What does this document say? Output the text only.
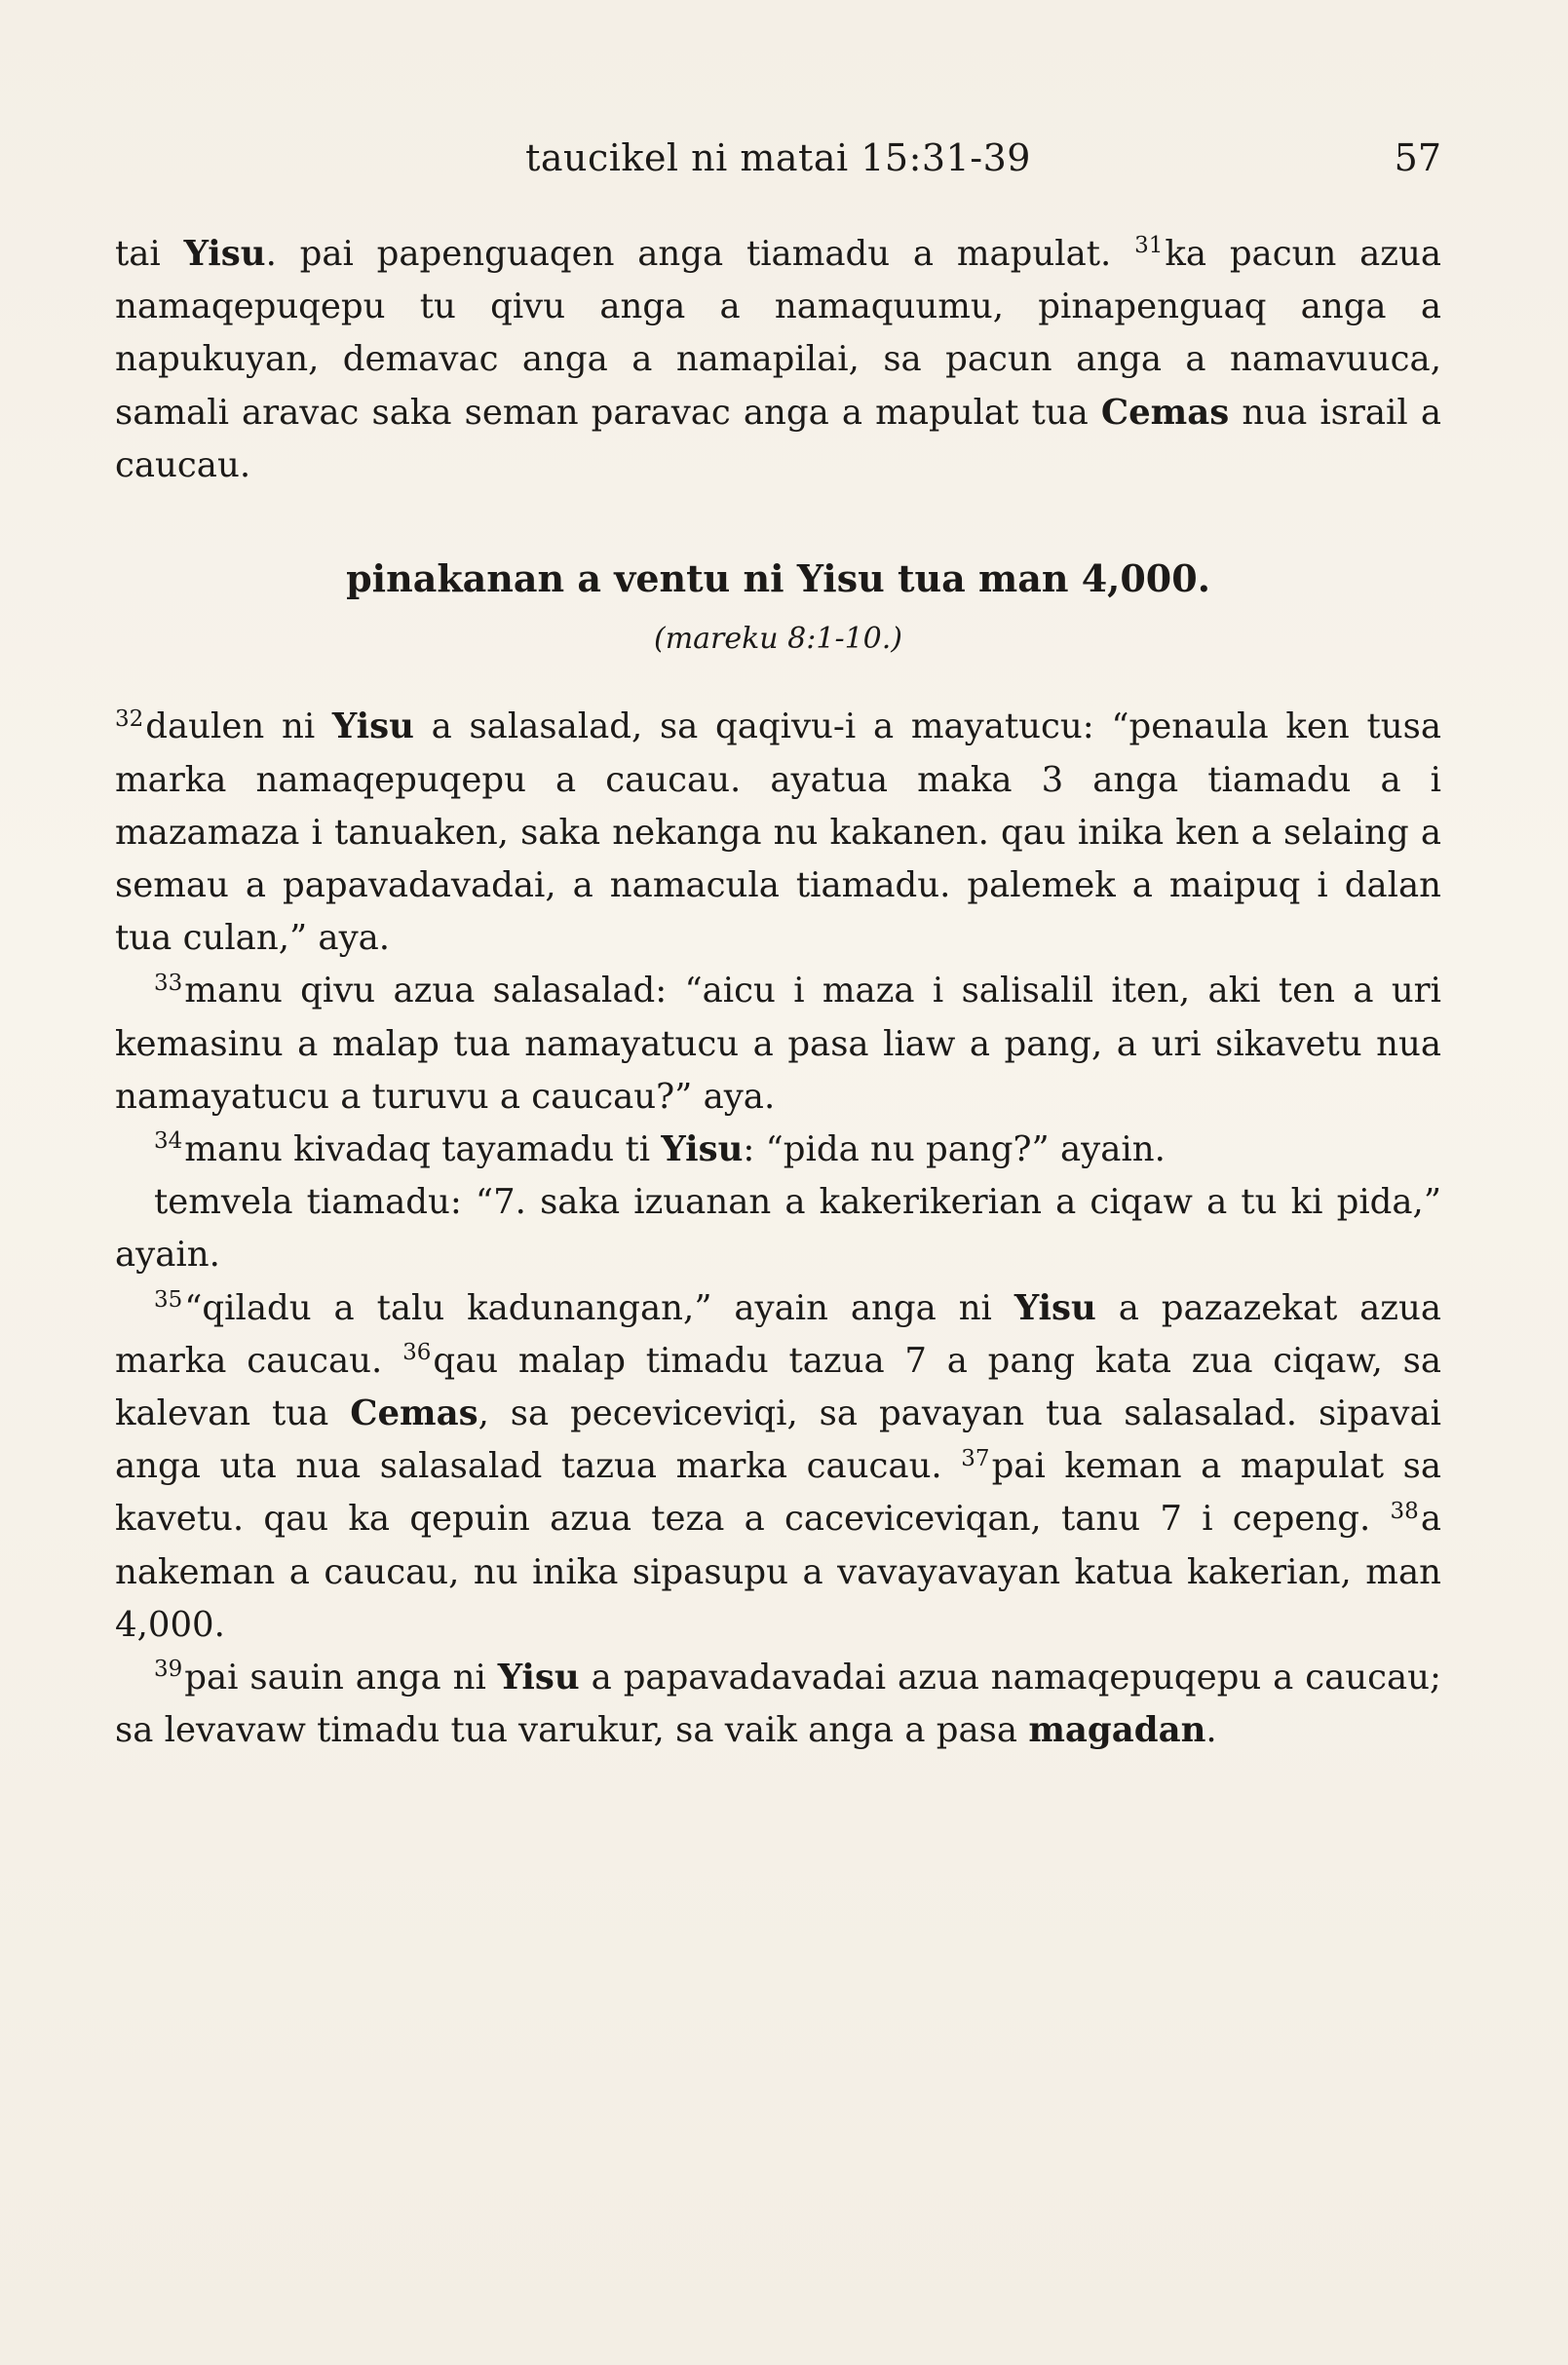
taucikel ni matai 15:31-39	57

tai Yisu. pai papenguaqen anga tiamadu a mapulat. $^{31}$ka pacun azua namaqepuqepu tu qivu anga a namaquumu, pinapenguaq anga a napukuyan, demavac anga a namapilai, sa pacun anga a namavuuca, samali aravac saka seman paravac anga a mapulat tua Cemas nua israil a caucau.

pinakanan a ventu ni Yisu tua man 4,000.
(mareku 8:1-10.)

$^{32}$daulen ni Yisu a salasalad, sa qaqivu-i a mayatucu: “penaula ken tusa marka namaqepuqepu a caucau. ayatua maka 3 anga tiamadu a i mazamaza i tanuaken, saka nekanga nu kakanen. qau inika ken a selaing a semau a papavadavadai, a namacula tiamadu. palemek a maipuq i dalan tua culan,” aya.

$^{33}$manu qivu azua salasalad: “aicu i maza i salisalil iten, aki ten a uri kemasinu a malap tua namayatucu a pasa liaw a pang, a uri sikavetu nua namayatucu a turuvu a caucau?” aya.

$^{34}$manu kivadaq tayamadu ti Yisu: “pida nu pang?” ayain.

temvela tiamadu: “7. saka izuanan a kakerikerian a ciqaw a tu ki pida,” ayain.

$^{35}$“qiladu a talu kadunangan,” ayain anga ni Yisu a pazazekat azua marka caucau. $^{36}$qau malap timadu tazua 7 a pang kata zua ciqaw, sa kalevan tua Cemas, sa peceviceviqi, sa pavayan tua salasalad. sipavai anga uta nua salasalad tazua marka caucau. $^{37}$pai keman a mapulat sa kavetu. qau ka qepuin azua teza a caceviceviqan, tanu 7 i cepeng. $^{38}$a nakeman a caucau, nu inika sipasupu a vavayavayan katua kakerian, man 4,000.

$^{39}$pai sauin anga ni Yisu a papavadavadai azua namaqepuqepu a caucau; sa levavaw timadu tua varukur, sa vaik anga a pasa magadan.
